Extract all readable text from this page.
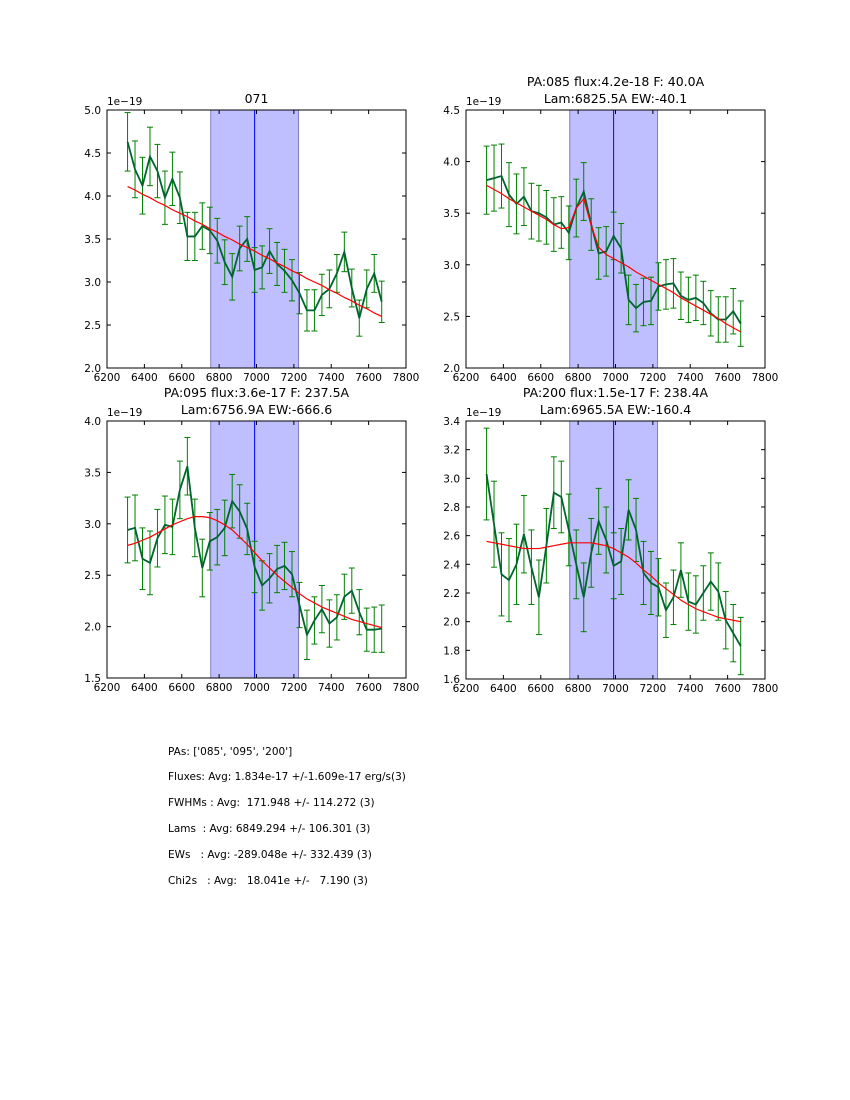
6200 6400 6600 6800 7000 7200 7400 7600 7800
2.0
2.5
3.0
3.5
4.0
4.5
5.0
1e−19	071
6200 6400 6600 6800 7000 7200 7400 7600 7800
2.0
2.5
3.0
3.5
4.0
4.5
1e−19
PA:085 flux:4.2e-18 F: 40.0A
Lam:6825.5A EW:-40.1
6200 6400 6600 6800 7000 7200 7400 7600 7800
1.5
2.0
2.5
3.0
3.5
4.0
1e−19
PA:095 flux:3.6e-17 F: 237.5A
Lam:6756.9A EW:-666.6
6200 6400 6600 6800 7000 7200 7400 7600 7800
1.6
1.8
2.0
2.2
2.4
2.6
2.8
3.0
3.2
3.4
1e−19
PA:200 flux:1.5e-17 F: 238.4A
Lam:6965.5A EW:-160.4
PAs: ['085', '095', '200']
Fluxes: Avg: 1.834e-17 +/-1.609e-17 erg/s(3)
FWHMs : Avg:  171.948 +/- 114.272 (3)
Lams  : Avg: 6849.294 +/- 106.301 (3)
EWs   : Avg: -289.048e +/- 332.439 (3)
Chi2s   : Avg:   18.041e +/-   7.190 (3)
